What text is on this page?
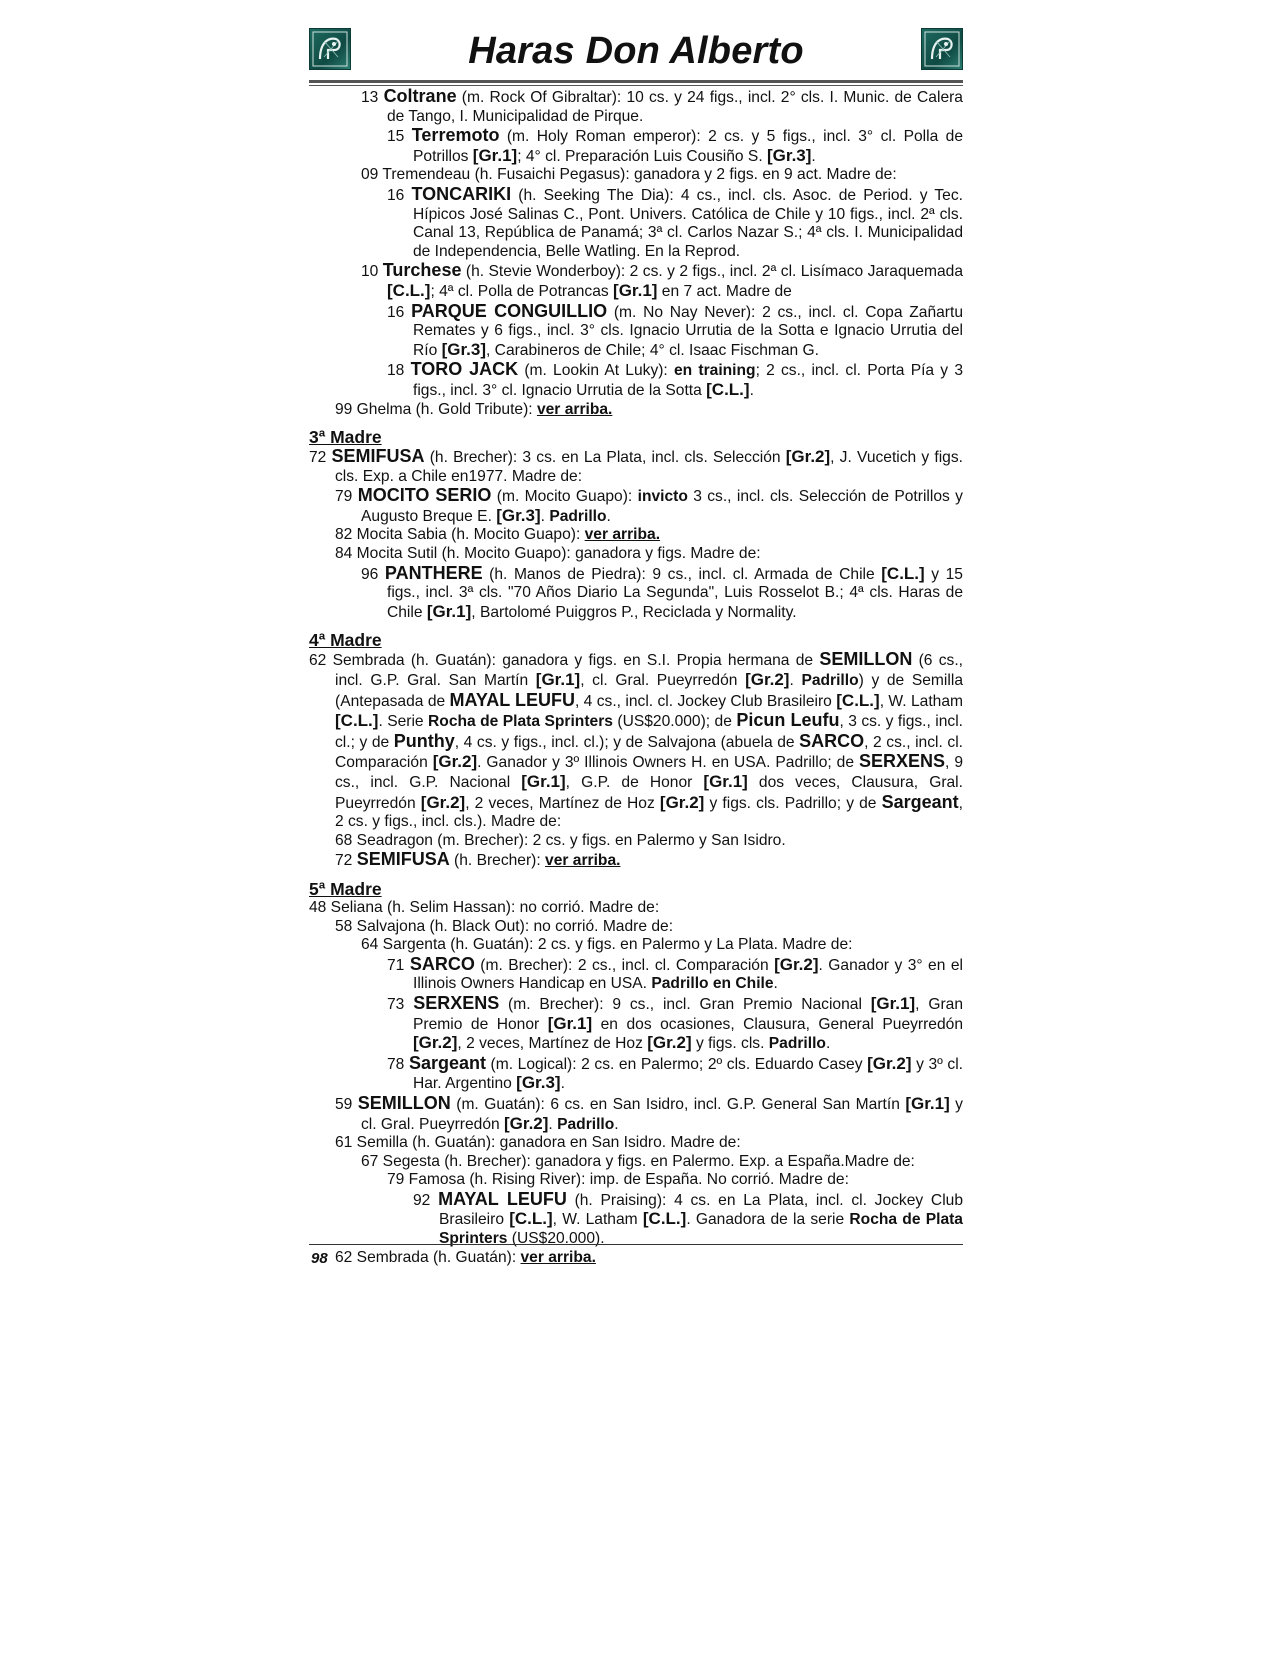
Haras Don Alberto

13 Coltrane (m. Rock Of Gibraltar): 10 cs. y 24 figs., incl. 2° cls. I. Munic. de Calera de Tango, I. Municipalidad de Pirque.

15 Terremoto (m. Holy Roman emperor): 2 cs. y 5 figs., incl. 3° cl. Polla de Potrillos [Gr.1]; 4° cl. Preparación Luis Cousiño S. [Gr.3].

09 Tremendeau (h. Fusaichi Pegasus): ganadora y 2 figs. en 9 act. Madre de:

16 TONCARIKI (h. Seeking The Dia): 4 cs., incl. cls. Asoc. de Period. y Tec. Hípicos José Salinas C., Pont. Univers. Católica de Chile y 10 figs., incl. 2ª cls. Canal 13, República de Panamá; 3ª cl. Carlos Nazar S.; 4ª cls. I. Municipalidad de Independencia, Belle Watling. En la Reprod.

10 Turchese (h. Stevie Wonderboy): 2 cs. y 2 figs., incl. 2ª cl. Lisímaco Jaraquemada [C.L.]; 4ª cl. Polla de Potrancas [Gr.1] en 7 act. Madre de

16 PARQUE CONGUILLIO (m. No Nay Never): 2 cs., incl. cl. Copa Zañartu Remates y 6 figs., incl. 3° cls. Ignacio Urrutia de la Sotta e Ignacio Urrutia del Río [Gr.3], Carabineros de Chile; 4° cl. Isaac Fischman G.

18 TORO JACK (m. Lookin At Luky): en training; 2 cs., incl. cl. Porta Pía y 3 figs., incl. 3° cl. Ignacio Urrutia de la Sotta [C.L.].

99 Ghelma (h. Gold Tribute): ver arriba.

3ª Madre

72 SEMIFUSA (h. Brecher): 3 cs. en La Plata, incl. cls. Selección [Gr.2], J. Vucetich y figs. cls. Exp. a Chile en1977. Madre de:

79 MOCITO SERIO (m. Mocito Guapo): invicto 3 cs., incl. cls. Selección de Potrillos y Augusto Breque E. [Gr.3]. Padrillo.

82 Mocita Sabia (h. Mocito Guapo): ver arriba.

84 Mocita Sutil (h. Mocito Guapo): ganadora y figs. Madre de:

96 PANTHERE (h. Manos de Piedra): 9 cs., incl. cl. Armada de Chile [C.L.] y 15 figs., incl. 3ª cls. "70 Años Diario La Segunda", Luis Rosselot B.; 4ª cls. Haras de Chile [Gr.1], Bartolomé Puiggros P., Reciclada y Normality.

4ª Madre

62 Sembrada (h. Guatán): ganadora y figs. en S.I. Propia hermana de SEMILLON (6 cs., incl. G.P. Gral. San Martín [Gr.1], cl. Gral. Pueyrredón [Gr.2]. Padrillo) y de Semilla (Antepasada de MAYAL LEUFU, 4 cs., incl. cl. Jockey Club Brasileiro [C.L.], W. Latham [C.L.]. Serie Rocha de Plata Sprinters (US$20.000); de Picun Leufu, 3 cs. y figs., incl. cl.; y de Punthy, 4 cs. y figs., incl. cl.); y de Salvajona (abuela de SARCO, 2 cs., incl. cl. Comparación [Gr.2]. Ganador y 3º Illinois Owners H. en USA. Padrillo; de SERXENS, 9 cs., incl. G.P. Nacional [Gr.1], G.P. de Honor [Gr.1] dos veces, Clausura, Gral. Pueyrredón [Gr.2], 2 veces, Martínez de Hoz [Gr.2] y figs. cls. Padrillo; y de Sargeant, 2 cs. y figs., incl. cls.). Madre de:

68 Seadragon (m. Brecher): 2 cs. y figs. en Palermo y San Isidro.

72 SEMIFUSA (h. Brecher): ver arriba.

5ª Madre

48 Seliana (h. Selim Hassan): no corrió. Madre de:

58 Salvajona (h. Black Out): no corrió. Madre de:

64 Sargenta (h. Guatán): 2 cs. y figs. en Palermo y La Plata. Madre de:

71 SARCO (m. Brecher): 2 cs., incl. cl. Comparación [Gr.2]. Ganador y 3° en el Illinois Owners Handicap en USA. Padrillo en Chile.

73 SERXENS (m. Brecher): 9 cs., incl. Gran Premio Nacional [Gr.1], Gran Premio de Honor [Gr.1] en dos ocasiones, Clausura, General Pueyrredón [Gr.2], 2 veces, Martínez de Hoz [Gr.2] y figs. cls. Padrillo.

78 Sargeant (m. Logical): 2 cs. en Palermo; 2º cls. Eduardo Casey [Gr.2] y 3º cl. Har. Argentino [Gr.3].

59 SEMILLON (m. Guatán): 6 cs. en San Isidro, incl. G.P. General San Martín [Gr.1] y cl. Gral. Pueyrredón [Gr.2]. Padrillo.

61 Semilla (h. Guatán): ganadora en San Isidro. Madre de:

67 Segesta (h. Brecher): ganadora y figs. en Palermo. Exp. a España.Madre de:

79 Famosa (h. Rising River): imp. de España. No corrió. Madre de:

92 MAYAL LEUFU (h. Praising): 4 cs. en La Plata, incl. cl. Jockey Club Brasileiro [C.L.], W. Latham [C.L.]. Ganadora de la serie Rocha de Plata Sprinters (US$20.000).

62 Sembrada (h. Guatán): ver arriba.

98
